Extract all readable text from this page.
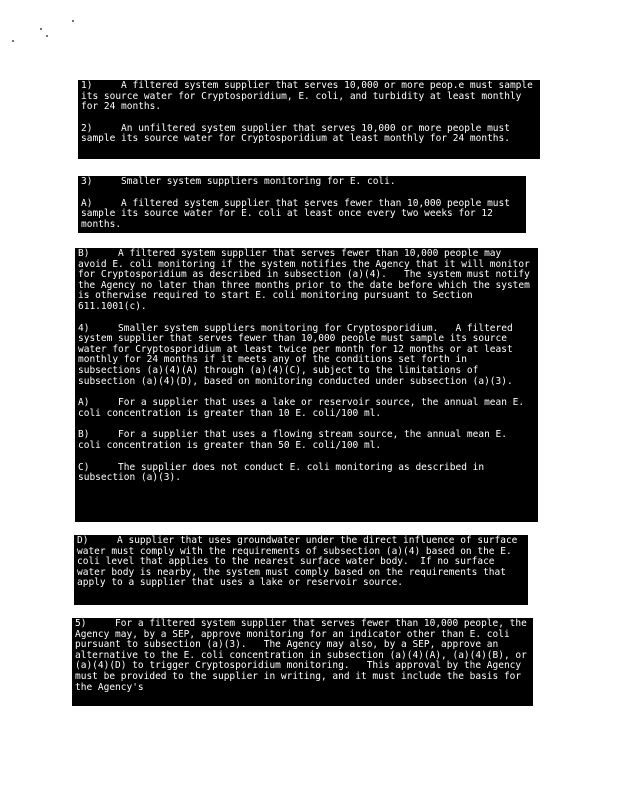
1)     A filtered system supplier that serves 10,000 or more peop.e must sample its source water for Cryptosporidium, E. coli, and turbidity at least monthly for 24 months.

2)     An unfiltered system supplier that serves 10,000 or more people must sample its source water for Cryptosporidium at least monthly for 24 months.

3)     Smaller system suppliers monitoring for E. coli.

A)     A filtered system supplier that serves fewer than 10,000 people must sample its source water for E. coli at least once every two weeks for 12 months.

B)     A filtered system supplier that serves fewer than 10,000 people may avoid E. coli monitoring if the system notifies the Agency that it will monitor for Cryptosporidium as described in subsection (a)(4).   The system must notify the Agency no later than three months prior to the date before which the system is otherwise required to start E. coli monitoring pursuant to Section 611.1001(c).

4)     Smaller system suppliers monitoring for Cryptosporidium.   A filtered system supplier that serves fewer than 10,000 people must sample its source water for Cryptosporidium at least twice per month for 12 months or at least monthly for 24 months if it meets any of the conditions set forth in subsections (a)(4)(A) through (a)(4)(C), subject to the limitations of subsection (a)(4)(D), based on monitoring conducted under subsection (a)(3).

A)     For a supplier that uses a lake or reservoir source, the annual mean E. coli concentration is greater than 10 E. coli/100 ml.

B)     For a supplier that uses a flowing stream source, the annual mean E. coli concentration is greater than 50 E. coli/100 ml.

C)     The supplier does not conduct E. coli monitoring as described in subsection (a)(3).

D)     A supplier that uses groundwater under the direct influence of surface water must comply with the requirements of subsection (a)(4) based on the E. coli level that applies to the nearest surface water body.  If no surface water body is nearby, the system must comply based on the requirements that apply to a supplier that uses a lake or reservoir source.

5)     For a filtered system supplier that serves fewer than 10,000 people, the Agency may, by a SEP, approve monitoring for an indicator other than E. coli pursuant to subsection (a)(3).   The Agency may also, by a SEP, approve an alternative to the E. coli concentration in subsection (a)(4)(A), (a)(4)(B), or (a)(4)(D) to trigger Cryptosporidium monitoring.   This approval by the Agency must be provided to the supplier in writing, and it must include the basis for the Agency's
